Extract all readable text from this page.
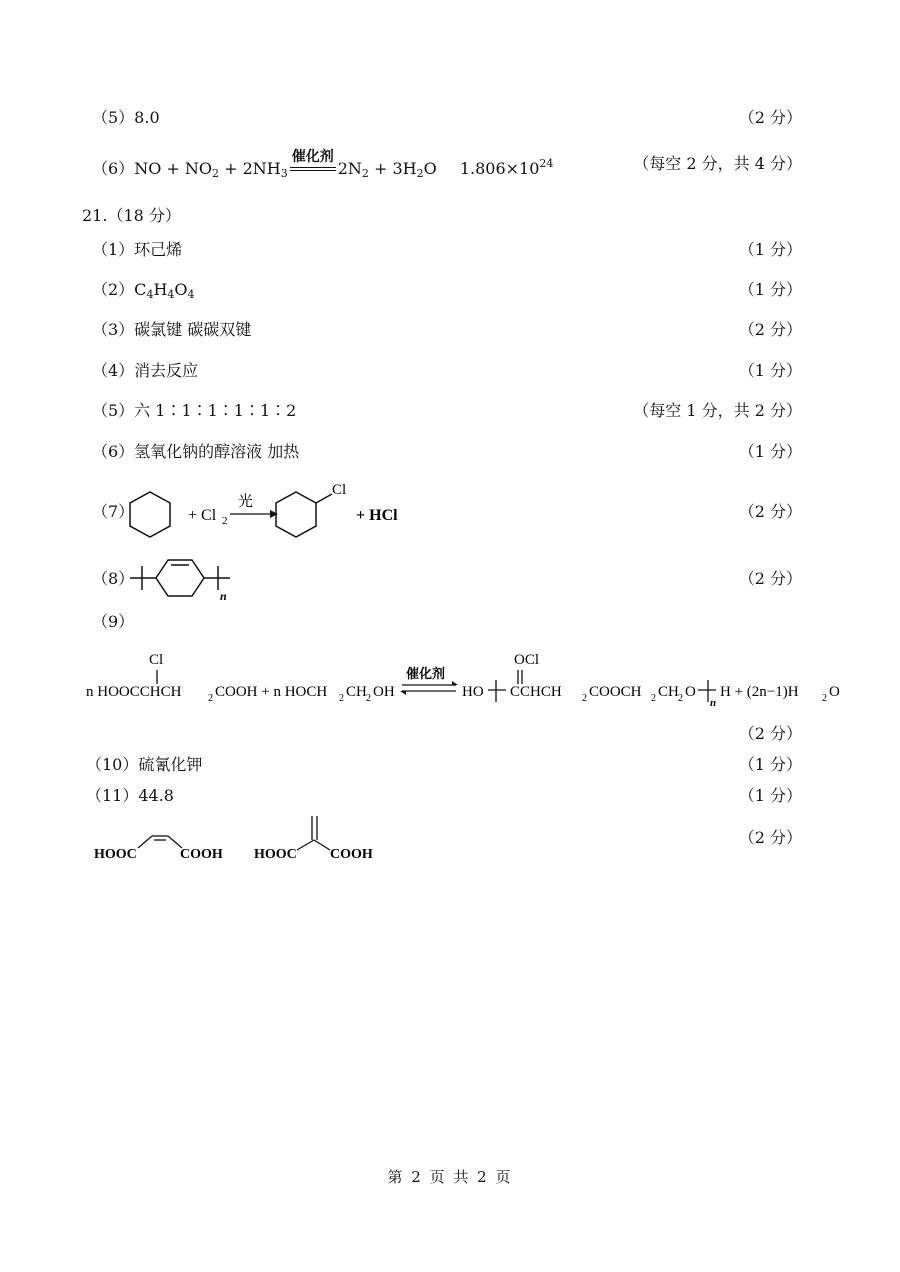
（5）8.0	（2 分）
$(6)NO + NO_2 + 2NH_3$
催化剂
$2N_2 + 3H_2O$ $1.806\times 10^{24}$	（每空 2 分，共 4 分）
21.（18 分）
（1）环己烯	（1 分）
$(2)C_4H_4O_4$	（1 分）
（3）碳氯键 碳碳双键	（2 分）
（4）消去反应	（1 分）
（5）六 1∶1∶1∶1∶1∶2	（每空 1 分，共 2 分）
（6）氢氧化钠的醇溶液 加热	（1 分）
（7）	+ Cl 2
光
Cl
+ HCl	（2 分）
（8）
n
（2 分）
（9）
Cl
n HOOCCHCH	2 COOH + n HOCH 2 CH 2 OH
催化剂
HO
OCl
CCHCH 2 COOCH 2 CH 2 O
n
H + (2n−1)H 2 O
（2 分）
（10）硫氰化钾	（1 分）
（11）44.8	（1 分）
HOOC	COOH HOOC COOH
（2 分）
第 2 页 共 2 页
